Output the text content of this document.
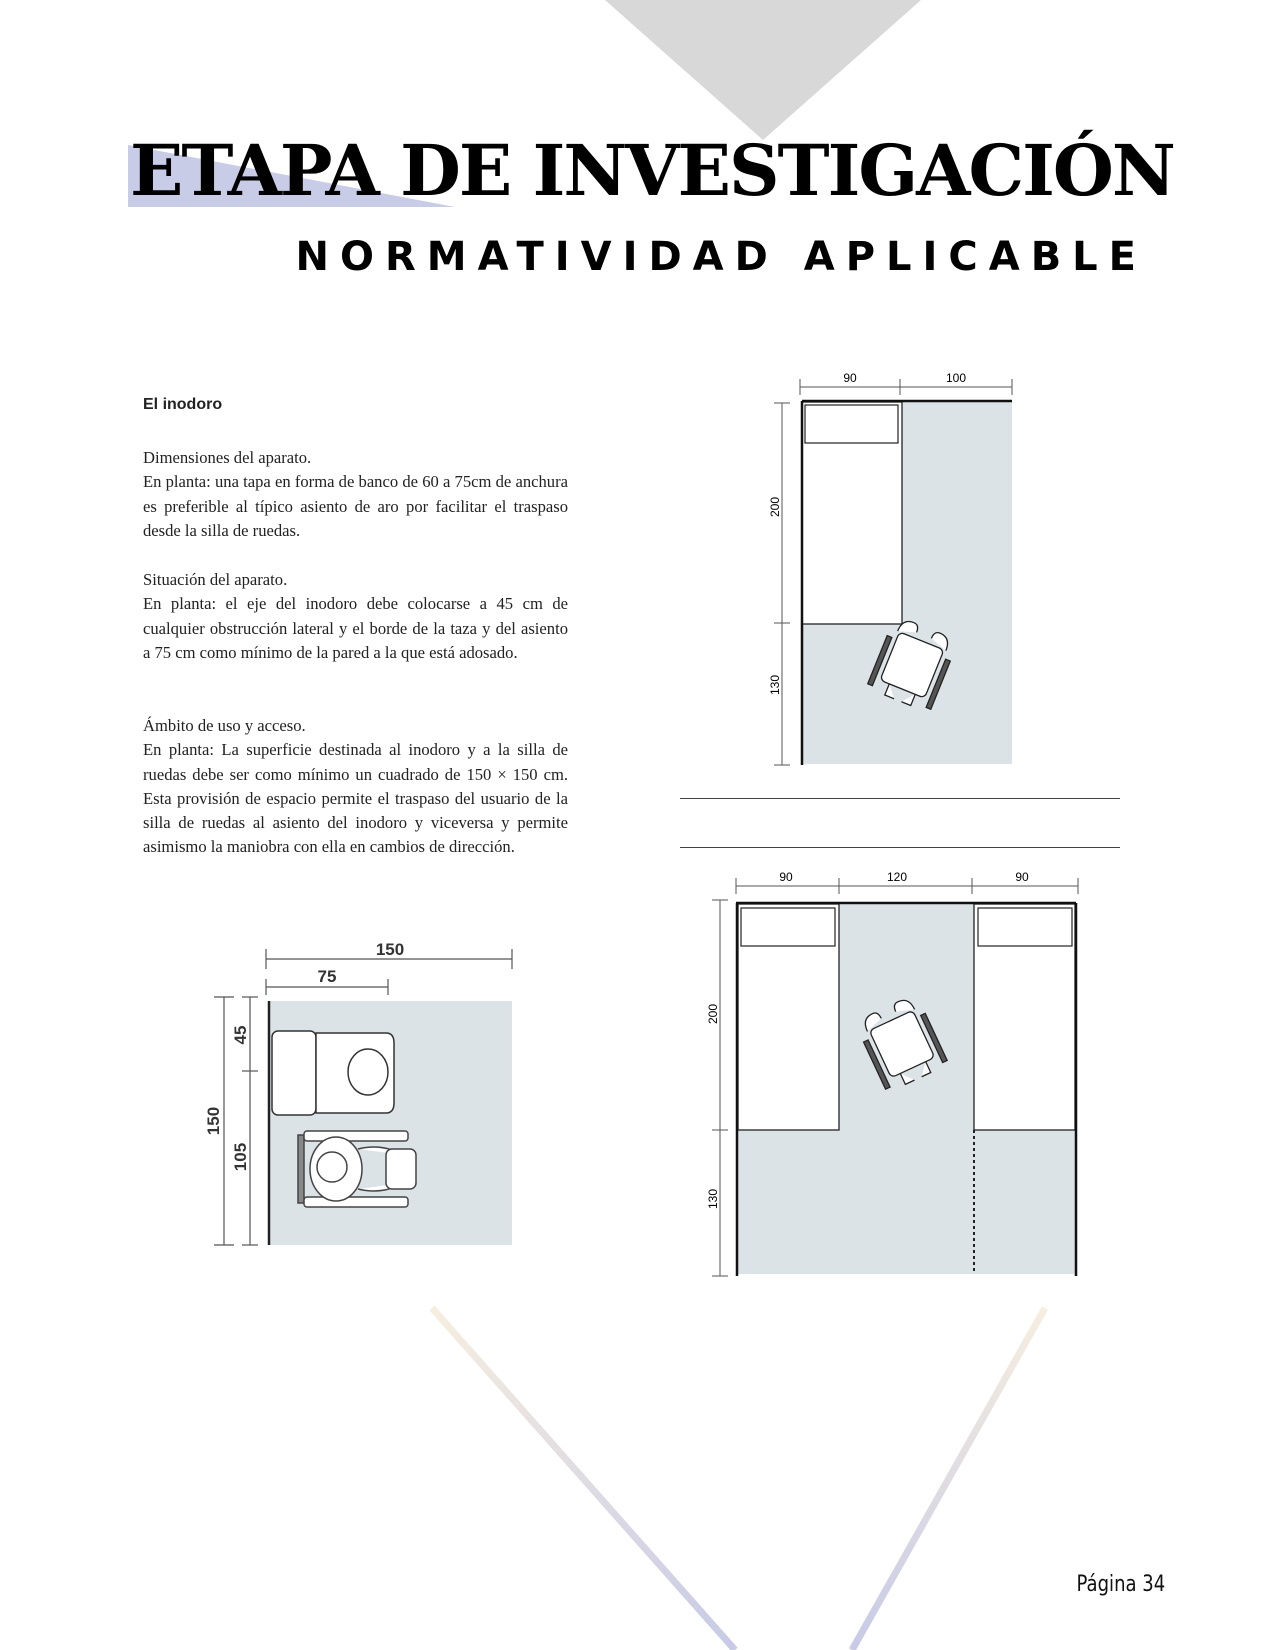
ETAPA DE INVESTIGACIÓN
NORMATIVIDAD APLICABLE
El inodoro

Dimensiones del aparato.

En planta: una tapa en forma de banco de 60 a 75cm de anchura es preferible al típico asiento de aro por facilitar el traspaso desde la silla de ruedas.

Situación del aparato.

En planta: el eje del inodoro debe colocarse a 45 cm de cualquier obstrucción lateral y el borde de la taza y del asiento a 75 cm como mínimo de la pared a la que está adosado.

Ámbito de uso y acceso.

En planta: La superficie destinada al inodoro y a la silla de ruedas debe ser como mínimo un cuadrado de 150 × 150 cm. Esta provisión de espacio permite el traspaso del usuario de la silla de ruedas al asiento del inodoro y viceversa y permite asimismo la maniobra con ella en cambios de dirección.

90	100
200
130
90	120	90
200
130
150
75
150
45
105
Página 34
